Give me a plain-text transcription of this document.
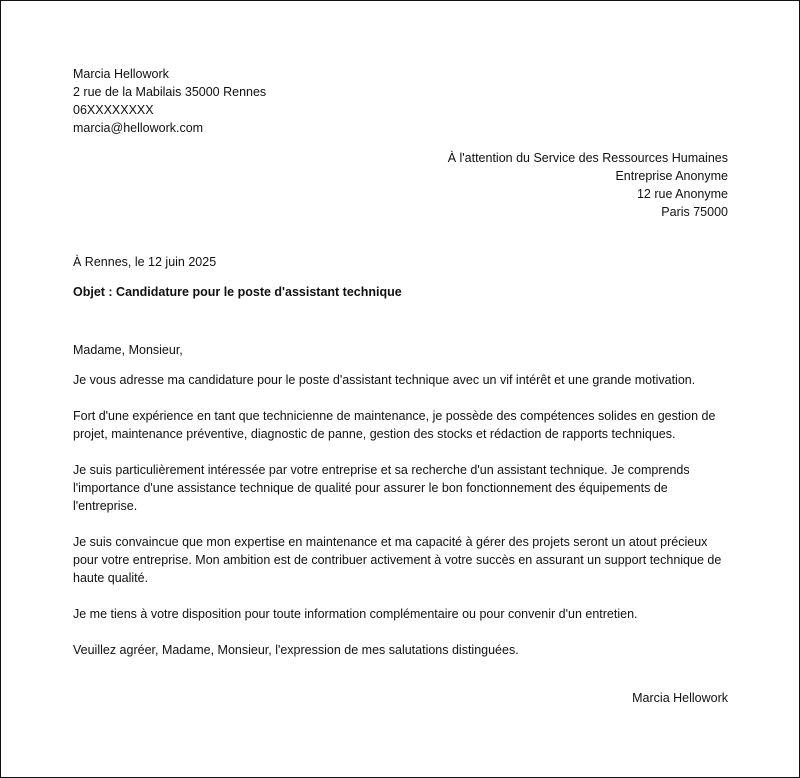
Marcia Hellowork
2 rue de la Mabilais 35000 Rennes
06XXXXXXXX
marcia@hellowork.com
À l'attention du Service des Ressources Humaines
Entreprise Anonyme
12 rue Anonyme
Paris 75000
À Rennes, le 12 juin 2025
Objet : Candidature pour le poste d'assistant technique
Madame, Monsieur,

Je vous adresse ma candidature pour le poste d'assistant technique avec un vif intérêt et une grande motivation.

Fort d'une expérience en tant que technicienne de maintenance, je possède des compétences solides en gestion de projet, maintenance préventive, diagnostic de panne, gestion des stocks et rédaction de rapports techniques.

Je suis particulièrement intéressée par votre entreprise et sa recherche d'un assistant technique. Je comprends l'importance d'une assistance technique de qualité pour assurer le bon fonctionnement des équipements de l'entreprise.

Je suis convaincue que mon expertise en maintenance et ma capacité à gérer des projets seront un atout précieux pour votre entreprise. Mon ambition est de contribuer activement à votre succès en assurant un support technique de haute qualité.

Je me tiens à votre disposition pour toute information complémentaire ou pour convenir d'un entretien.

Veuillez agréer, Madame, Monsieur, l'expression de mes salutations distinguées.

Marcia Hellowork
